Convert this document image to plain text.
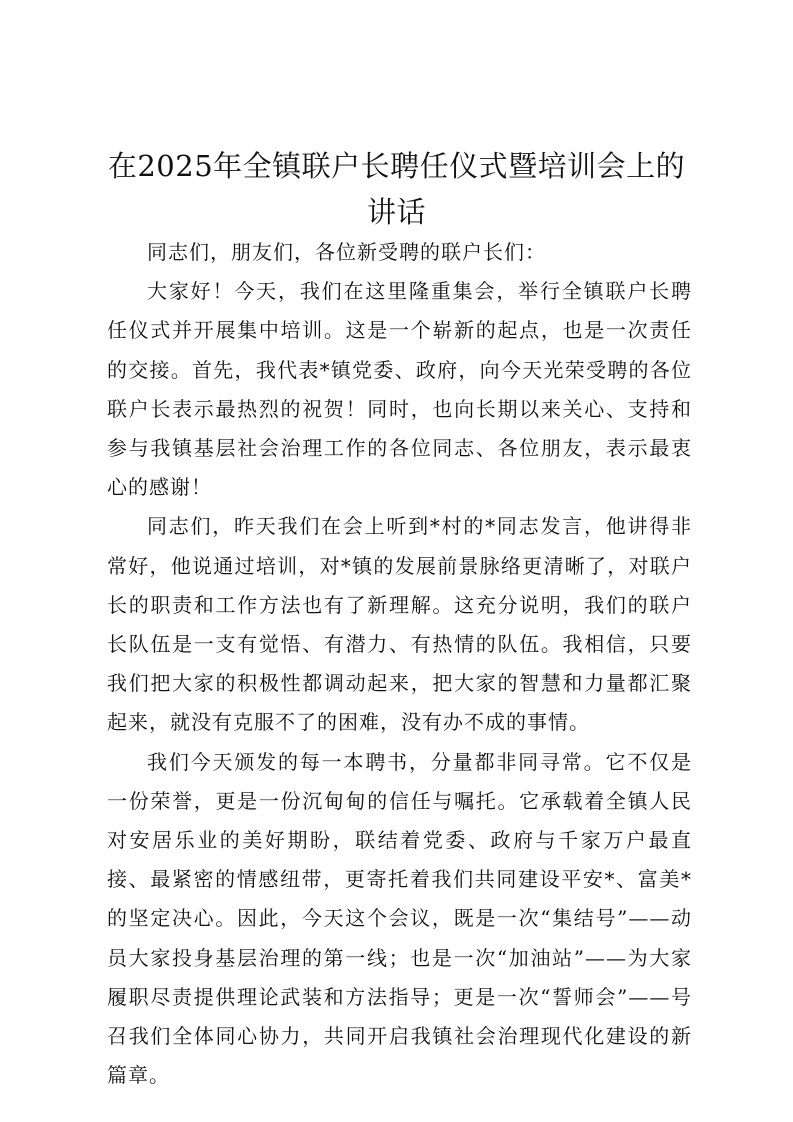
在2025年全镇联户长聘任仪式暨培训会上的讲话

同志们，朋友们，各位新受聘的联户长们：

大家好！今天，我们在这里隆重集会，举行全镇联户长聘任仪式并开展集中培训。这是一个崭新的起点，也是一次责任的交接。首先，我代表*镇党委、政府，向今天光荣受聘的各位联户长表示最热烈的祝贺！同时，也向长期以来关心、支持和参与我镇基层社会治理工作的各位同志、各位朋友，表示最衷心的感谢！

同志们，昨天我们在会上听到*村的*同志发言，他讲得非常好，他说通过培训，对*镇的发展前景脉络更清晰了，对联户长的职责和工作方法也有了新理解。这充分说明，我们的联户长队伍是一支有觉悟、有潜力、有热情的队伍。我相信，只要我们把大家的积极性都调动起来，把大家的智慧和力量都汇聚起来，就没有克服不了的困难，没有办不成的事情。

我们今天颁发的每一本聘书，分量都非同寻常。它不仅是一份荣誉，更是一份沉甸甸的信任与嘱托。它承载着全镇人民对安居乐业的美好期盼，联结着党委、政府与千家万户最直接、最紧密的情感纽带，更寄托着我们共同建设平安*、富美*的坚定决心。因此，今天这个会议，既是一次“集结号”——动员大家投身基层治理的第一线；也是一次“加油站”——为大家履职尽责提供理论武装和方法指导；更是一次“誓师会”——号召我们全体同心协力，共同开启我镇社会治理现代化建设的新篇章。
